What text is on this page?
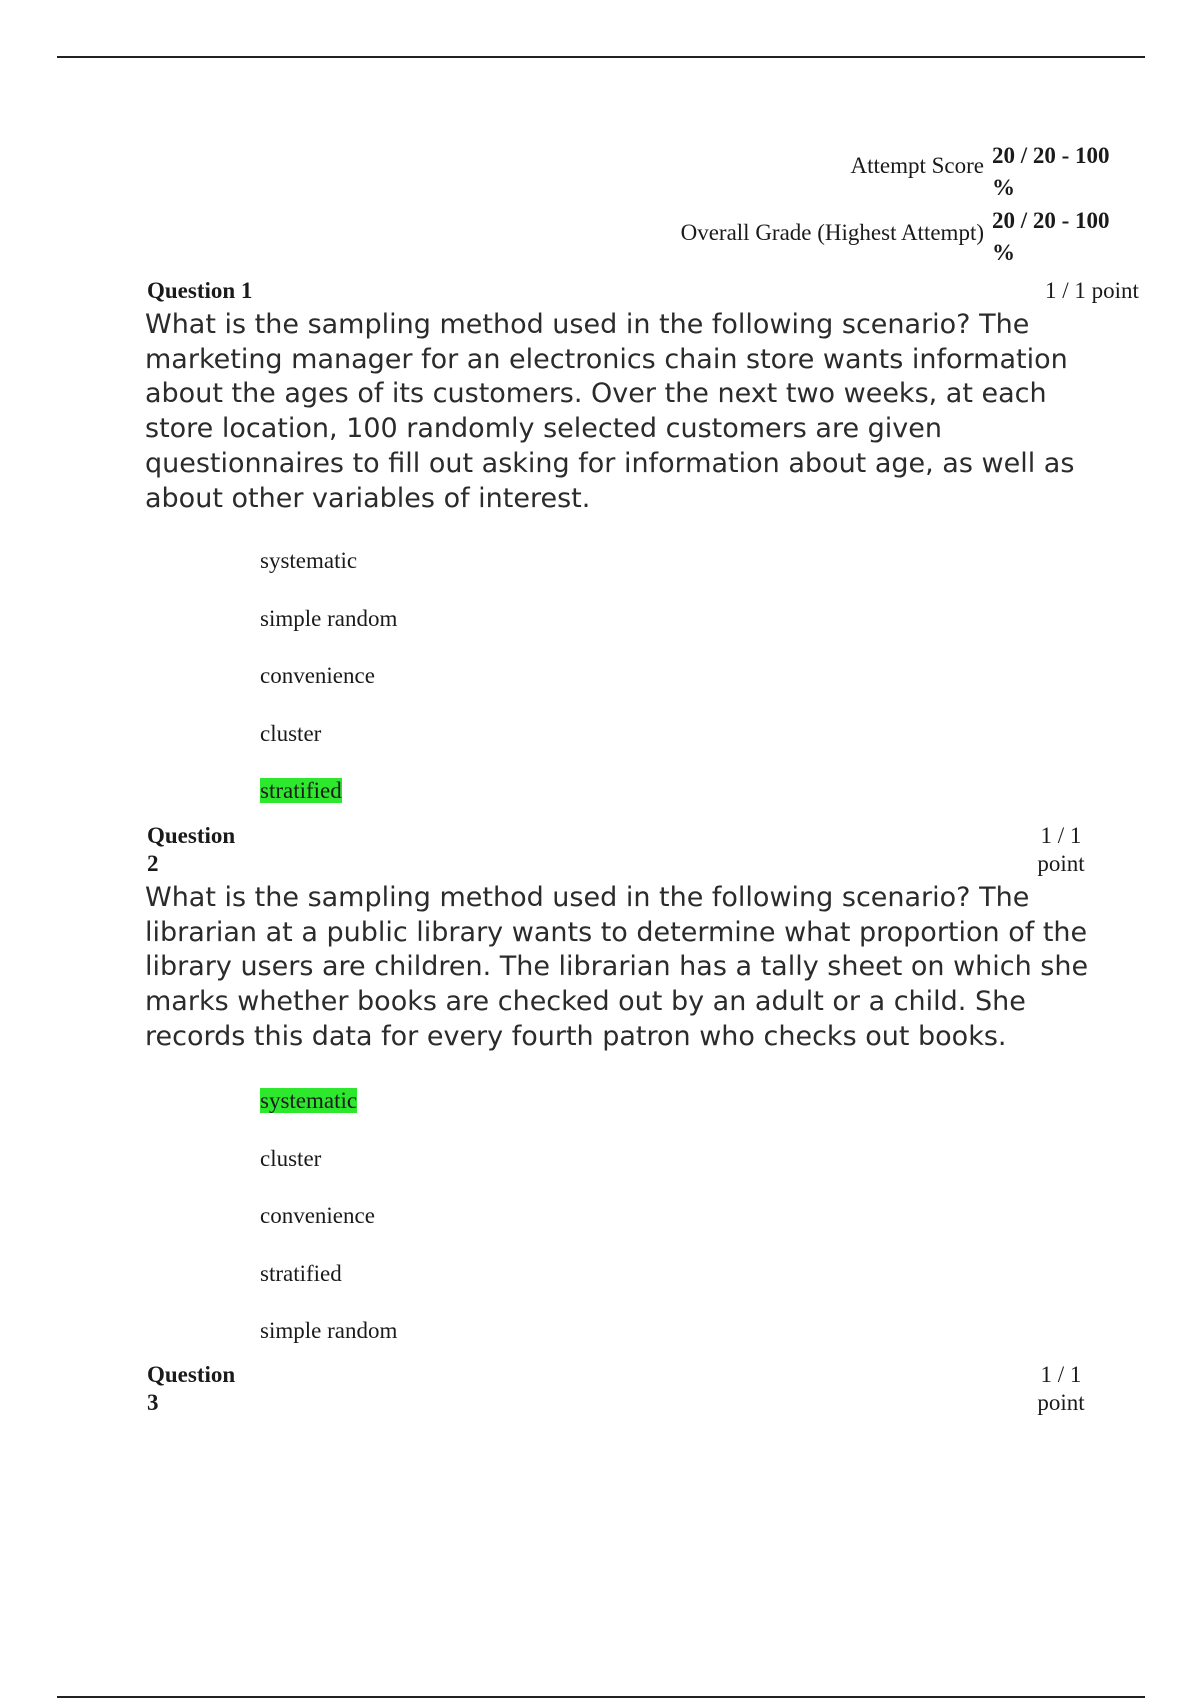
Attempt Score 20 / 20 - 100
%
Overall Grade (Highest Attempt) 20 / 20 - 100
%
Question 1	1 / 1 point
What is the sampling method used in the following scenario? The marketing manager for an electronics chain store wants information about the ages of its customers. Over the next two weeks, at each store location, 100 randomly selected customers are given questionnaires to fill out asking for information about age, as well as about other variables of interest.
systematic
simple random
convenience
cluster
stratified
Question
2
1 / 1
point
What is the sampling method used in the following scenario? The librarian at a public library wants to determine what proportion of the library users are children. The librarian has a tally sheet on which she marks whether books are checked out by an adult or a child. She records this data for every fourth patron who checks out books.
systematic
cluster
convenience
stratified
simple random
Question
3
1 / 1
point
